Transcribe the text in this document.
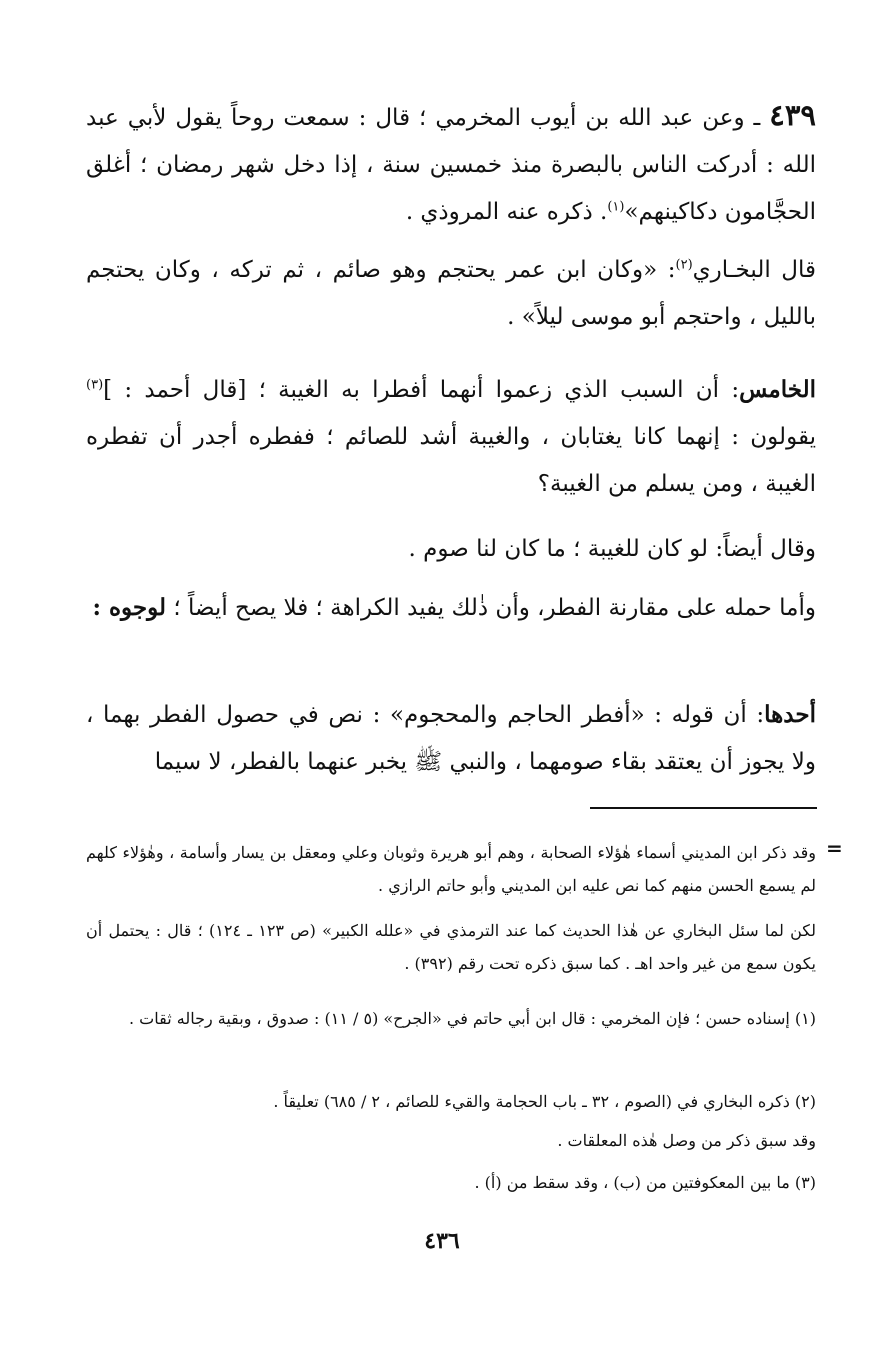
٤٣٩ ـ وعن عبد الله بن أيوب المخرمي ؛ قال : سمعت روحاً يقول لأبي عبد الله : أدركت الناس بالبصرة منذ خمسين سنة ، إذا دخل شهر رمضان ؛ أغلق الحجَّامون دكاكينهم»$^{(١)}$. ذكره عنه المروذي .
قال البخـاري$^{(٢)}$: «وكان ابن عمر يحتجم وهو صائم ، ثم تركه ، وكان يحتجم بالليل ، واحتجم أبو موسى ليلاً» .
الخامس: أن السبب الذي زعموا أنهما أفطرا به الغيبة ؛ [قال أحمد : ]$^{(٣)}$ يقولون : إنهما كانا يغتابان ، والغيبة أشد للصائم ؛ ففطره أجدر أن تفطره الغيبة ، ومن يسلم من الغيبة؟
وقال أيضاً: لو كان للغيبة ؛ ما كان لنا صوم .
وأما حمله على مقارنة الفطر، وأن ذٰلك يفيد الكراهة ؛ فلا يصح أيضاً ؛ لوجوه :
أحدها: أن قوله : «أفطر الحاجم والمحجوم» : نص في حصول الفطر بهما ، ولا يجوز أن يعتقد بقاء صومهما ، والنبي ﷺ يخبر عنهما بالفطر، لا سيما
=
وقد ذكر ابن المديني أسماء هٰؤلاء الصحابة ، وهم أبو هريرة وثوبان وعلي ومعقل بن يسار وأسامة ، وهٰؤلاء كلهم لم يسمع الحسن منهم كما نص عليه ابن المديني وأبو حاتم الرازي .
لكن لما سئل البخاري عن هٰذا الحديث كما عند الترمذي في «علله الكبير» (ص ١٢٣ ـ ١٢٤) ؛ قال : يحتمل أن يكون سمع من غير واحد اهـ . كما سبق ذكره تحت رقم (٣٩٢) .
(١) إسناده حسن ؛ فإن المخرمي : قال ابن أبي حاتم في «الجرح» (٥ / ١١) : صدوق ، وبقية رجاله ثقات .
(٢) ذكره البخاري في (الصوم ، ٣٢ ـ باب الحجامة والقيء للصائم ، ٢ / ٦٨٥) تعليقاً .
وقد سبق ذكر من وصل هٰذه المعلقات .
(٣) ما بين المعكوفتين من (ب) ، وقد سقط من (أ) .
٤٣٦
